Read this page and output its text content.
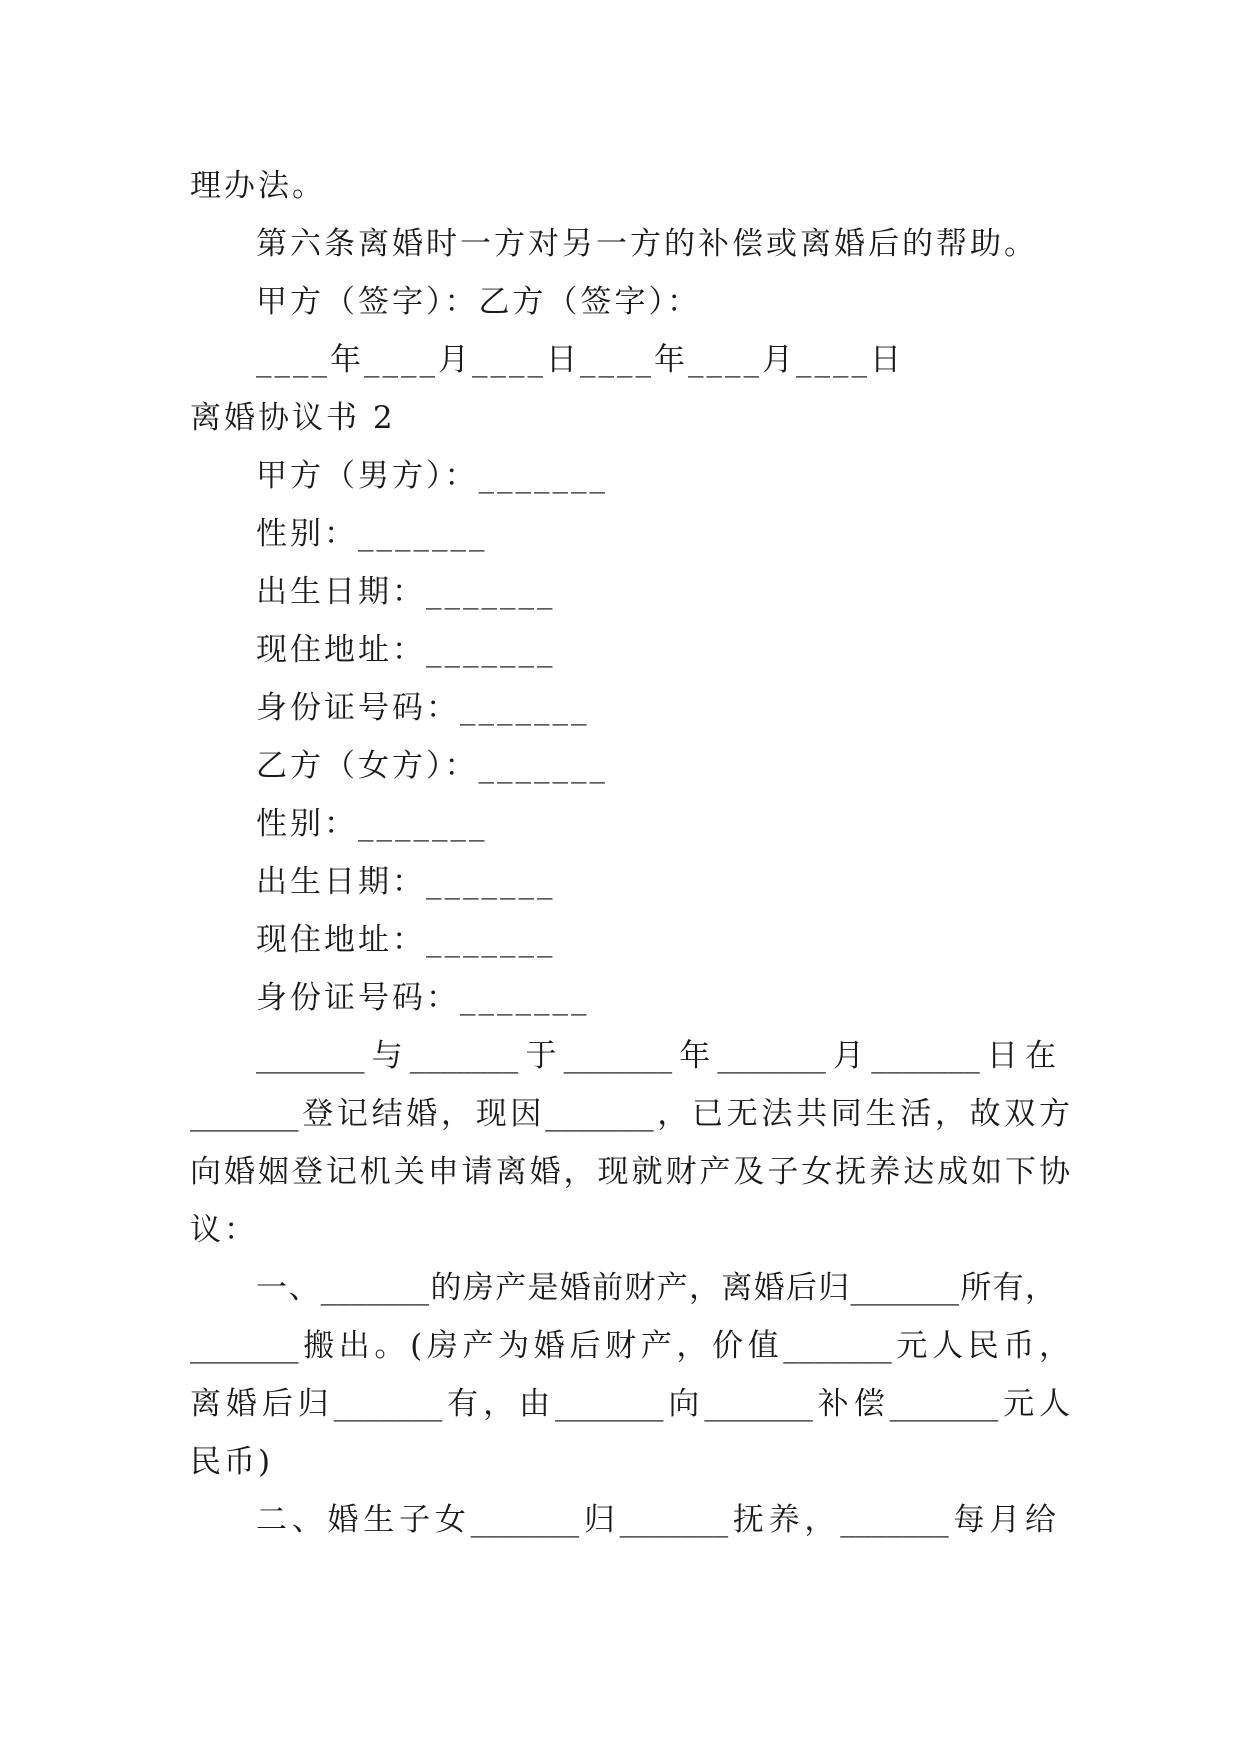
理办法。
第六条离婚时一方对另一方的补偿或离婚后的帮助。
甲方（签字）：乙方（签字）：
____年____月____日____年____月____日
离婚协议书 2
甲方（男方）：_______
性别：_______
出生日期：_______
现住地址：_______
身份证号码：_______
乙方（女方）：_______
性别：_______
出生日期：_______
现住地址：_______
身份证号码：_______
_______与_______于_______年_______月_______日在
_______登记结婚，现因_______，已无法共同生活，故双方
向婚姻登记机关申请离婚，现就财产及子女抚养达成如下协
议：
一、_______的房产是婚前财产，离婚后归_______所有，
_______搬出。(房产为婚后财产，价值_______元人民币，
离婚后归_______有，由_______向_______补偿_______元人
民币)
二、婚生子女_______归_______抚养，_______每月给
